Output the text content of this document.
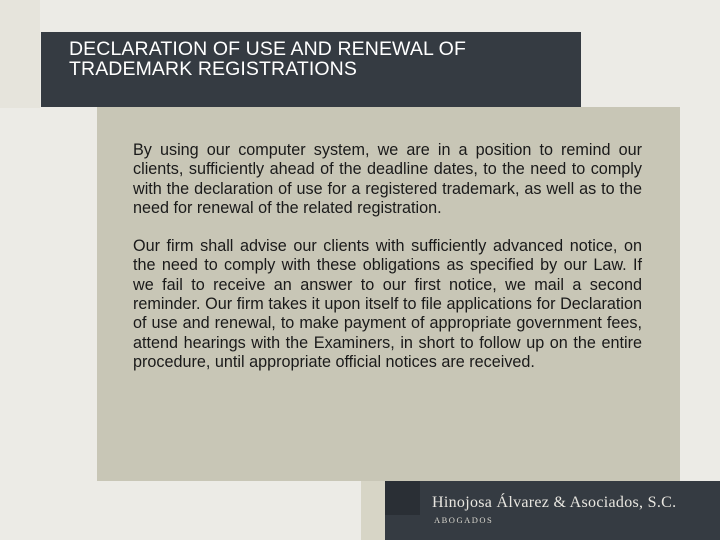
DECLARATION OF USE AND RENEWAL OF
TRADEMARK REGISTRATIONS

By using our computer system, we are in a position to remind our clients, sufficiently ahead of the deadline dates, to the need to comply with the declaration of use for a registered trademark, as well as to the need for renewal of the related registration.

Our firm shall advise our clients with sufficiently advanced notice, on the need to comply with these obligations as specified by our Law. If we fail to receive an answer to our first notice, we mail a second reminder. Our firm takes it upon itself to file applications for Declaration of use and renewal, to make payment of appropriate government fees, attend hearings with the Examiners, in short to follow up on the entire procedure, until appropriate official notices are received.

Hinojosa Álvarez & Asociados, S.C.
ABOGADOS
